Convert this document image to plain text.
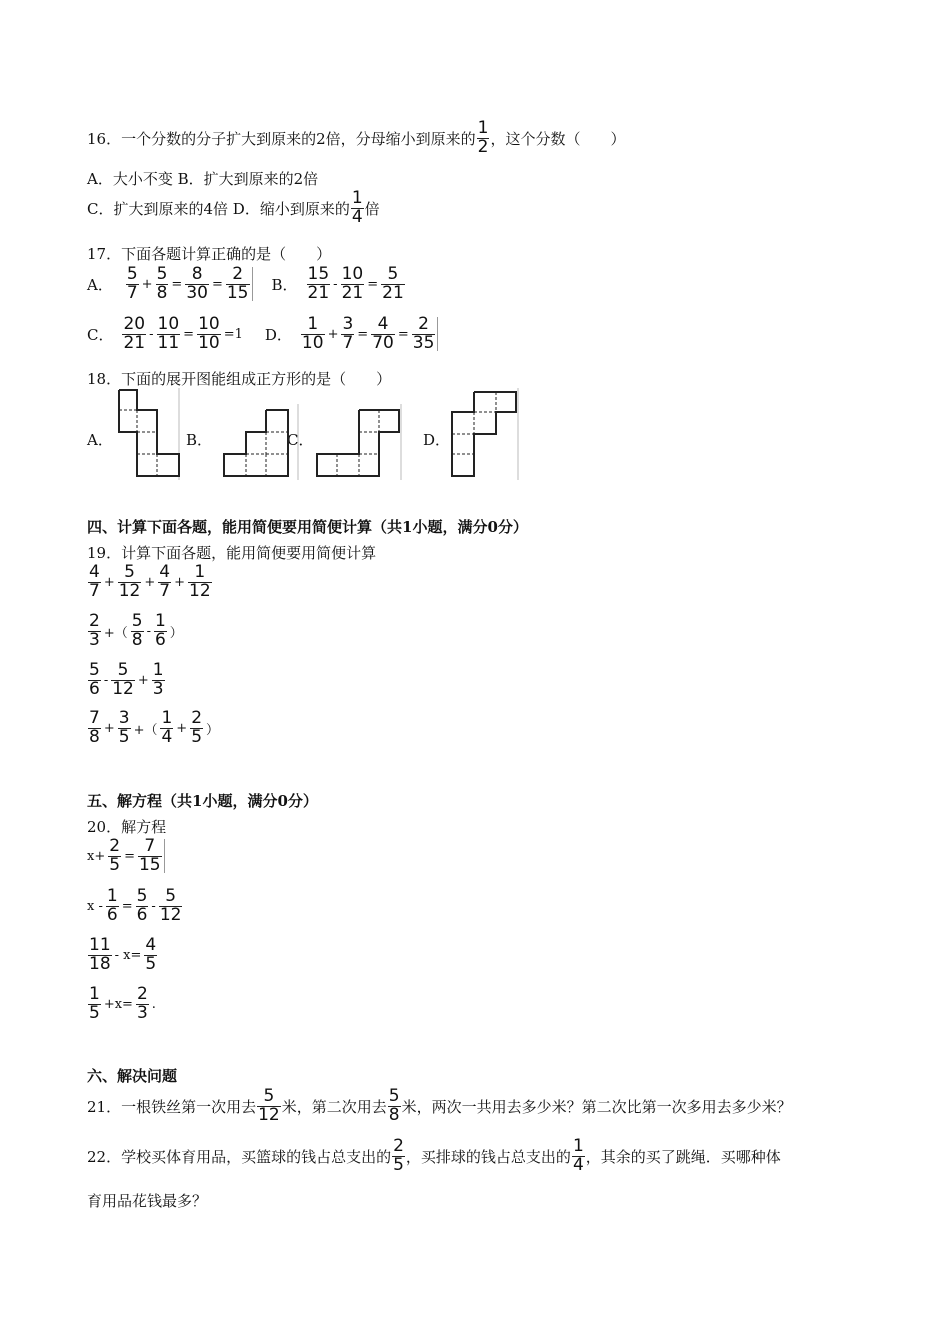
16．一个分数的分子扩大到原来的2倍，分母缩小到原来的 $\frac{1}{2}$ ，这个分数（　　）
A．大小不变 B．扩大到原来的2倍
C．扩大到原来的4倍 D．缩小到原来的 $\frac{1}{4}$ 倍
17．下面各题计算正确的是（　　）
A． $\frac{5}{7} + \frac{5}{8} = \frac{8}{30} = \frac{2}{15}$ B． $\frac{15}{21} - \frac{10}{21} = \frac{5}{21}$
C． $\frac{20}{21} - \frac{10}{11} = \frac{10}{10} =1$ D． $\frac{1}{10} + \frac{3}{7} = \frac{4}{70} = \frac{2}{35}$
18．下面的展开图能组成正方形的是（　　）
A．	B．	C．	D．
四、计算下面各题，能用简便要用简便计算（共1小题，满分0分）
19．计算下面各题，能用简便要用简便计算
$\frac{4}{7} + \frac{5}{12} + \frac{4}{7} + \frac{1}{12}$
$\frac{2}{3}$ +（ $\frac{5}{8} - \frac{1}{6}$ ）
$\frac{5}{6} - \frac{5}{12} + \frac{1}{3}$
$\frac{7}{8} + \frac{3}{5}$ +（ $\frac{1}{4} + \frac{2}{5}$ ）
五、解方程（共1小题，满分0分）
20．解方程
$x+ \frac{2}{5} = \frac{7}{15}$
$x - \frac{1}{6} = \frac{5}{6} - \frac{5}{12}$
$\frac{11}{18} - x= \frac{4}{5}$
$\frac{1}{5} +x= \frac{2}{3}$ .
六、解决问题
21．一根铁丝第一次用去 $\frac{5}{12}$ 米，第二次用去 $\frac{5}{8}$ 米，两次一共用去多少米？第二次比第一次多用去多少米？
22．学校买体育用品，买篮球的钱占总支出的 $\frac{2}{5}$ ，买排球的钱占总支出的 $\frac{1}{4}$ ，其余的买了跳绳．买哪种体
育用品花钱最多？
